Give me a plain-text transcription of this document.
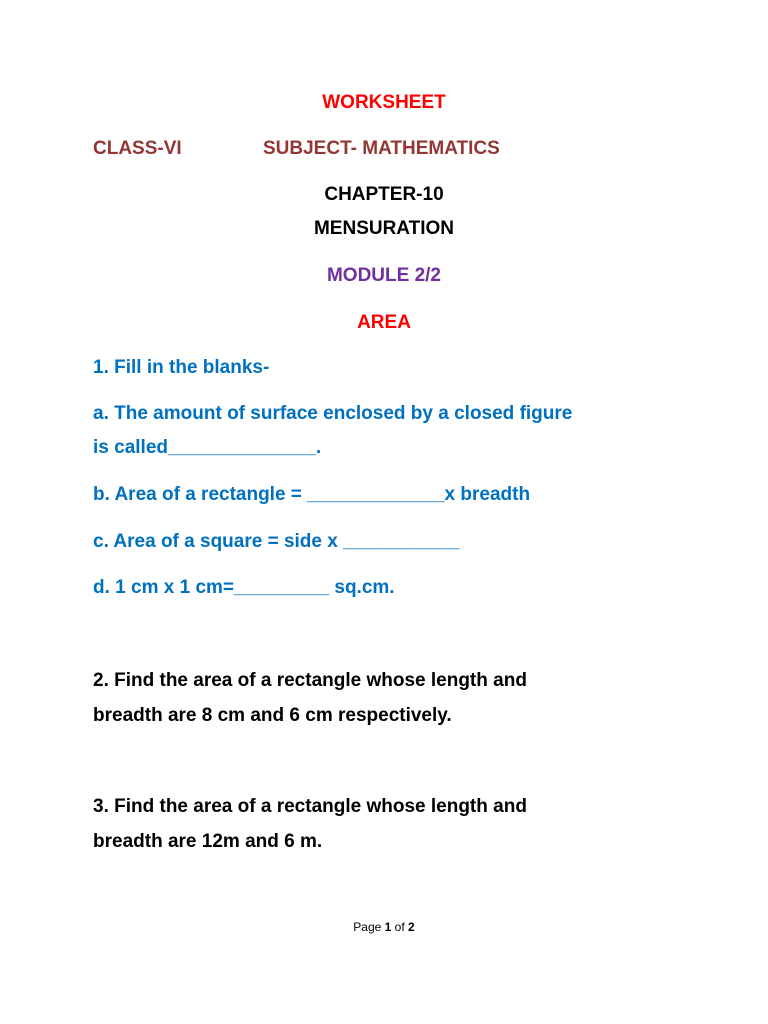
WORKSHEET
CLASS-VI	SUBJECT- MATHEMATICS
CHAPTER-10
MENSURATION
MODULE 2/2
AREA
1. Fill in the blanks-
a. The amount of surface enclosed by a closed figure
is called______________.
b. Area of a rectangle = _____________x breadth
c. Area of a square = side x ___________
d. 1 cm x 1 cm=_________ sq.cm.
2. Find the area of a rectangle whose length and
breadth are 8 cm and 6 cm respectively.
3. Find the area of a rectangle whose length and
breadth are 12m and 6 m.
Page 1 of 2
